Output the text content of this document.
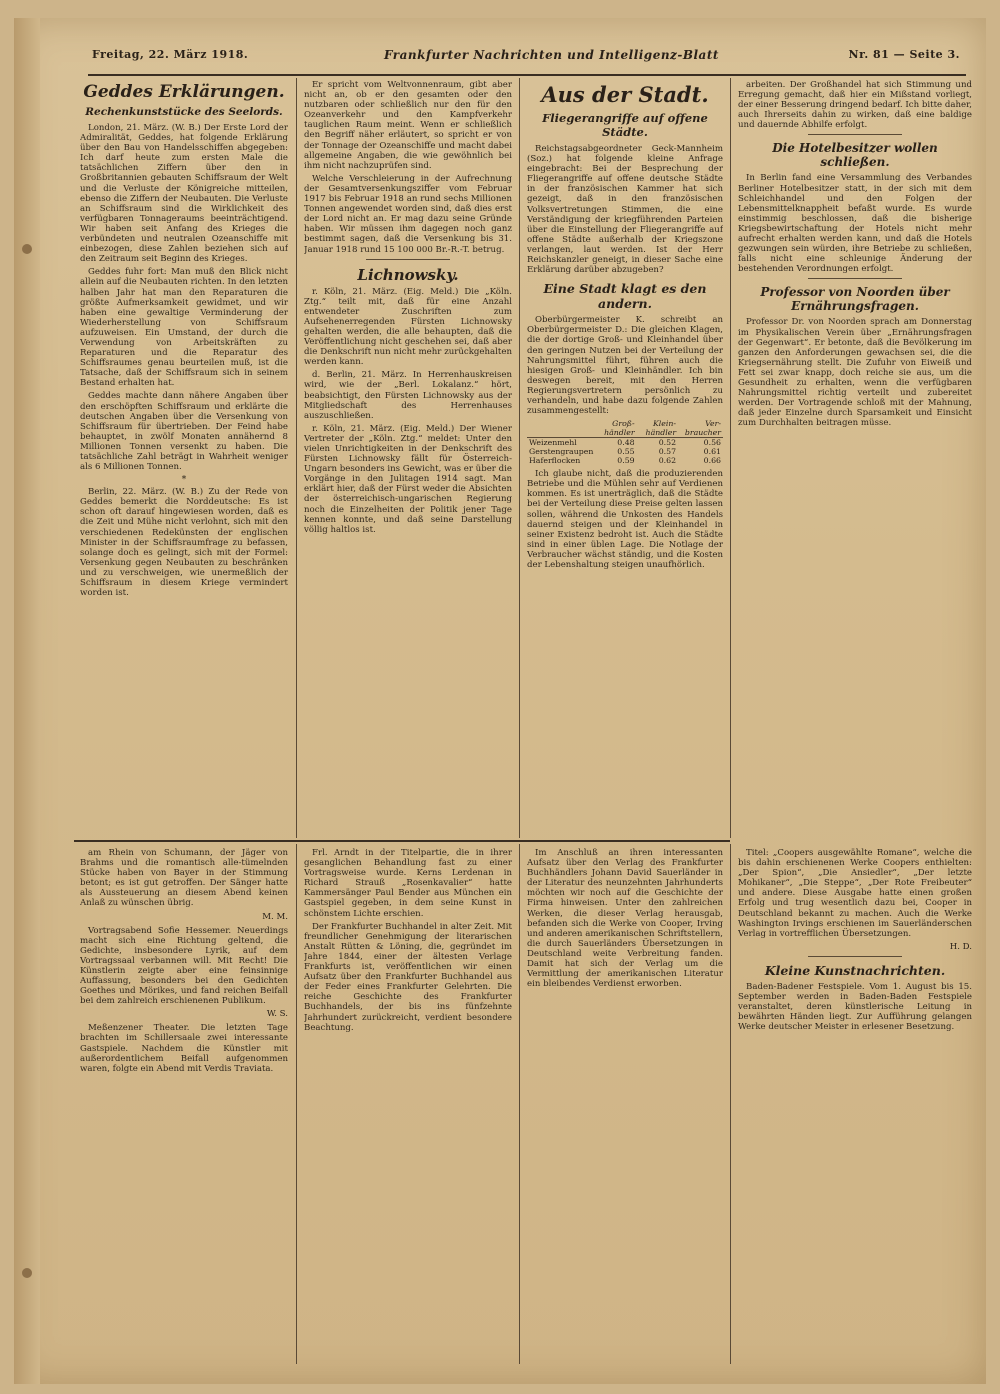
Freitag, 22. März 1918.	Frankfurter Nachrichten und Intelligenz-Blatt	Nr. 81 — Seite 3.
Geddes Erklärungen.
Rechenkunststücke des Seelords.

London, 21. März. (W. B.) Der Erste Lord der Admiralität, Geddes, hat folgende Erklärung über den Bau von Handelsschiffen abgegeben: Ich darf heute zum ersten Male die tatsächlichen Ziffern über den in Großbritannien gebauten Schiffsraum der Welt und die Verluste der Königreiche mitteilen, ebenso die Ziffern der Neubauten. Die Verluste an Schiffsraum sind die Wirklichkeit des verfügbaren Tonnageraums beeinträchtigend. Wir haben seit Anfang des Krieges die verbündeten und neutralen Ozeanschiffe mit einbezogen, diese Zahlen beziehen sich auf den Zeitraum seit Beginn des Krieges.

Geddes fuhr fort: Man muß den Blick nicht allein auf die Neubauten richten. In den letzten halben Jahr hat man den Reparaturen die größte Aufmerksamkeit gewidmet, und wir haben eine gewaltige Verminderung der Wiederherstellung von Schiffsraum aufzuweisen. Ein Umstand, der durch die Verwendung von Arbeitskräften zu Reparaturen und die Reparatur des Schiffsraumes genau beurteilen muß, ist die Tatsache, daß der Schiffsraum sich in seinem Bestand erhalten hat.

Geddes machte dann nähere Angaben über den erschöpften Schiffsraum und erklärte die deutschen Angaben über die Versenkung von Schiffsraum für übertrieben. Der Feind habe behauptet, in zwölf Monaten annähernd 8 Millionen Tonnen versenkt zu haben. Die tatsächliche Zahl beträgt in Wahrheit weniger als 6 Millionen Tonnen.

*

Berlin, 22. März. (W. B.) Zu der Rede von Geddes bemerkt die Norddeutsche: Es ist schon oft darauf hingewiesen worden, daß es die Zeit und Mühe nicht verlohnt, sich mit den verschiedenen Redekünsten der englischen Minister in der Schiffsraumfrage zu befassen, solange doch es gelingt, sich mit der Formel: Versenkung gegen Neubauten zu beschränken und zu verschweigen, wie unermeßlich der Schiffsraum in diesem Kriege vermindert worden ist.

Er spricht vom Weltvonnenraum, gibt aber nicht an, ob er den gesamten oder den nutzbaren oder schließlich nur den für den Ozeanverkehr und den Kampfverkehr tauglichen Raum meint. Wenn er schließlich den Begriff näher erläutert, so spricht er von der Tonnage der Ozeanschiffe und macht dabei allgemeine Angaben, die wie gewöhnlich bei ihm nicht nachzuprüfen sind.

Welche Verschleierung in der Aufrechnung der Gesamtversenkungsziffer vom Februar 1917 bis Februar 1918 an rund sechs Millionen Tonnen angewendet worden sind, daß dies erst der Lord nicht an. Er mag dazu seine Gründe haben. Wir müssen ihm dagegen noch ganz bestimmt sagen, daß die Versenkung bis 31. Januar 1918 rund 15 100 000 Br.-R.-T. betrug.

Lichnowsky.

r. Köln, 21. März. (Eig. Meld.) Die „Köln. Ztg.“ teilt mit, daß für eine Anzahl entwendeter Zuschriften zum Aufsehenerregenden Fürsten Lichnowsky gehalten werden, die alle behaupten, daß die Veröffentlichung nicht geschehen sei, daß aber die Denkschrift nun nicht mehr zurückgehalten werden kann.

d. Berlin, 21. März. In Herrenhauskreisen wird, wie der „Berl. Lokalanz.“ hört, beabsichtigt, den Fürsten Lichnowsky aus der Mitgliedschaft des Herrenhauses auszuschließen.

r. Köln, 21. März. (Eig. Meld.) Der Wiener Vertreter der „Köln. Ztg.“ meldet: Unter den vielen Unrichtigkeiten in der Denkschrift des Fürsten Lichnowsky fällt für Österreich-Ungarn besonders ins Gewicht, was er über die Vorgänge in den Julitagen 1914 sagt. Man erklärt hier, daß der Fürst weder die Absichten der österreichisch-ungarischen Regierung noch die Einzelheiten der Politik jener Tage kennen konnte, und daß seine Darstellung völlig haltlos ist.

Aus der Stadt.
Fliegerangriffe auf offene Städte.

Reichstagsabgeordneter Geck-Mannheim (Soz.) hat folgende kleine Anfrage eingebracht: Bei der Besprechung der Fliegerangriffe auf offene deutsche Städte in der französischen Kammer hat sich gezeigt, daß in den französischen Volksvertretungen Stimmen, die eine Verständigung der kriegführenden Parteien über die Einstellung der Fliegerangriffe auf offene Städte außerhalb der Kriegszone verlangen, laut werden. Ist der Herr Reichskanzler geneigt, in dieser Sache eine Erklärung darüber abzugeben?

Eine Stadt klagt es den andern.

Oberbürgermeister K. schreibt an Oberbürgermeister D.: Die gleichen Klagen, die der dortige Groß- und Kleinhandel über den geringen Nutzen bei der Verteilung der Nahrungsmittel führt, führen auch die hiesigen Groß- und Kleinhändler. Ich bin deswegen bereit, mit den Herren Regierungsvertretern persönlich zu verhandeln, und habe dazu folgende Zahlen zusammengestellt:

	Groß-händler	Klein-händler	Ver-braucher
Weizenmehl	0.48	0.52	0.56
Gerstengraupen	0.55	0.57	0.61
Haferflocken	0.59	0.62	0.66

Ich glaube nicht, daß die produzierenden Betriebe und die Mühlen sehr auf Verdienen kommen. Es ist unerträglich, daß die Städte bei der Verteilung diese Preise gelten lassen sollen, während die Unkosten des Handels dauernd steigen und der Kleinhandel in seiner Existenz bedroht ist. Auch die Städte sind in einer üblen Lage. Die Notlage der Verbraucher wächst ständig, und die Kosten der Lebenshaltung steigen unaufhörlich.

arbeiten. Der Großhandel hat sich Stimmung und Erregung gemacht, daß hier ein Mißstand vorliegt, der einer Besserung dringend bedarf. Ich bitte daher, auch Ihrerseits dahin zu wirken, daß eine baldige und dauernde Abhilfe erfolgt.

Die Hotelbesitzer wollen schließen.

In Berlin fand eine Versammlung des Verbandes Berliner Hotelbesitzer statt, in der sich mit dem Schleichhandel und den Folgen der Lebensmittelknappheit befaßt wurde. Es wurde einstimmig beschlossen, daß die bisherige Kriegsbewirtschaftung der Hotels nicht mehr aufrecht erhalten werden kann, und daß die Hotels gezwungen sein würden, ihre Betriebe zu schließen, falls nicht eine schleunige Änderung der bestehenden Verordnungen erfolgt.

Professor von Noorden über Ernährungsfragen.

Professor Dr. von Noorden sprach am Donnerstag im Physikalischen Verein über „Ernährungsfragen der Gegenwart“. Er betonte, daß die Bevölkerung im ganzen den Anforderungen gewachsen sei, die die Kriegsernährung stellt. Die Zufuhr von Eiweiß und Fett sei zwar knapp, doch reiche sie aus, um die Gesundheit zu erhalten, wenn die verfügbaren Nahrungsmittel richtig verteilt und zubereitet werden. Der Vortragende schloß mit der Mahnung, daß jeder Einzelne durch Sparsamkeit und Einsicht zum Durchhalten beitragen müsse.

am Rhein von Schumann, der Jäger von Brahms und die romantisch alle-tümelnden Stücke haben von Bayer in der Stimmung betont; es ist gut getroffen. Der Sänger hatte als Aussteuerung an diesem Abend keinen Anlaß zu wünschen übrig.

M. M.

Vortragsabend Sofie Hessemer. Neuerdings macht sich eine Richtung geltend, die Gedichte, insbesondere Lyrik, auf dem Vortragssaal verbannen will. Mit Recht! Die Künstlerin zeigte aber eine feinsinnige Auffassung, besonders bei den Gedichten Goethes und Mörikes, und fand reichen Beifall bei dem zahlreich erschienenen Publikum.

W. S.

Meßenzener Theater. Die letzten Tage brachten im Schillersaale zwei interessante Gastspiele. Nachdem die Künstler mit außerordentlichem Beifall aufgenommen waren, folgte ein Abend mit Verdis Traviata.

Frl. Arndt in der Titelpartie, die in ihrer gesanglichen Behandlung fast zu einer Vortragsweise wurde. Kerns Lerdenan in Richard Strauß „Rosenkavalier“ hatte Kammersänger Paul Bender aus München ein Gastspiel gegeben, in dem seine Kunst in schönstem Lichte erschien.

Der Frankfurter Buchhandel in alter Zeit. Mit freundlicher Genehmigung der literarischen Anstalt Rütten & Löning, die, gegründet im Jahre 1844, einer der ältesten Verlage Frankfurts ist, veröffentlichen wir einen Aufsatz über den Frankfurter Buchhandel aus der Feder eines Frankfurter Gelehrten. Die reiche Geschichte des Frankfurter Buchhandels, der bis ins fünfzehnte Jahrhundert zurückreicht, verdient besondere Beachtung.

Im Anschluß an ihren interessanten Aufsatz über den Verlag des Frankfurter Buchhändlers Johann David Sauerländer in der Literatur des neunzehnten Jahrhunderts möchten wir noch auf die Geschichte der Firma hinweisen. Unter den zahlreichen Werken, die dieser Verlag herausgab, befanden sich die Werke von Cooper, Irving und anderen amerikanischen Schriftstellern, die durch Sauerländers Übersetzungen in Deutschland weite Verbreitung fanden. Damit hat sich der Verlag um die Vermittlung der amerikanischen Literatur ein bleibendes Verdienst erworben.

Titel: „Coopers ausgewählte Romane“, welche die bis dahin erschienenen Werke Coopers enthielten: „Der Spion“, „Die Ansiedler“, „Der letzte Mohikaner“, „Die Steppe“, „Der Rote Freibeuter“ und andere. Diese Ausgabe hatte einen großen Erfolg und trug wesentlich dazu bei, Cooper in Deutschland bekannt zu machen. Auch die Werke Washington Irvings erschienen im Sauerländerschen Verlag in vortrefflichen Übersetzungen.

H. D.
Kleine Kunstnachrichten.

Baden-Badener Festspiele. Vom 1. August bis 15. September werden in Baden-Baden Festspiele veranstaltet, deren künstlerische Leitung in bewährten Händen liegt. Zur Aufführung gelangen Werke deutscher Meister in erlesener Besetzung.
